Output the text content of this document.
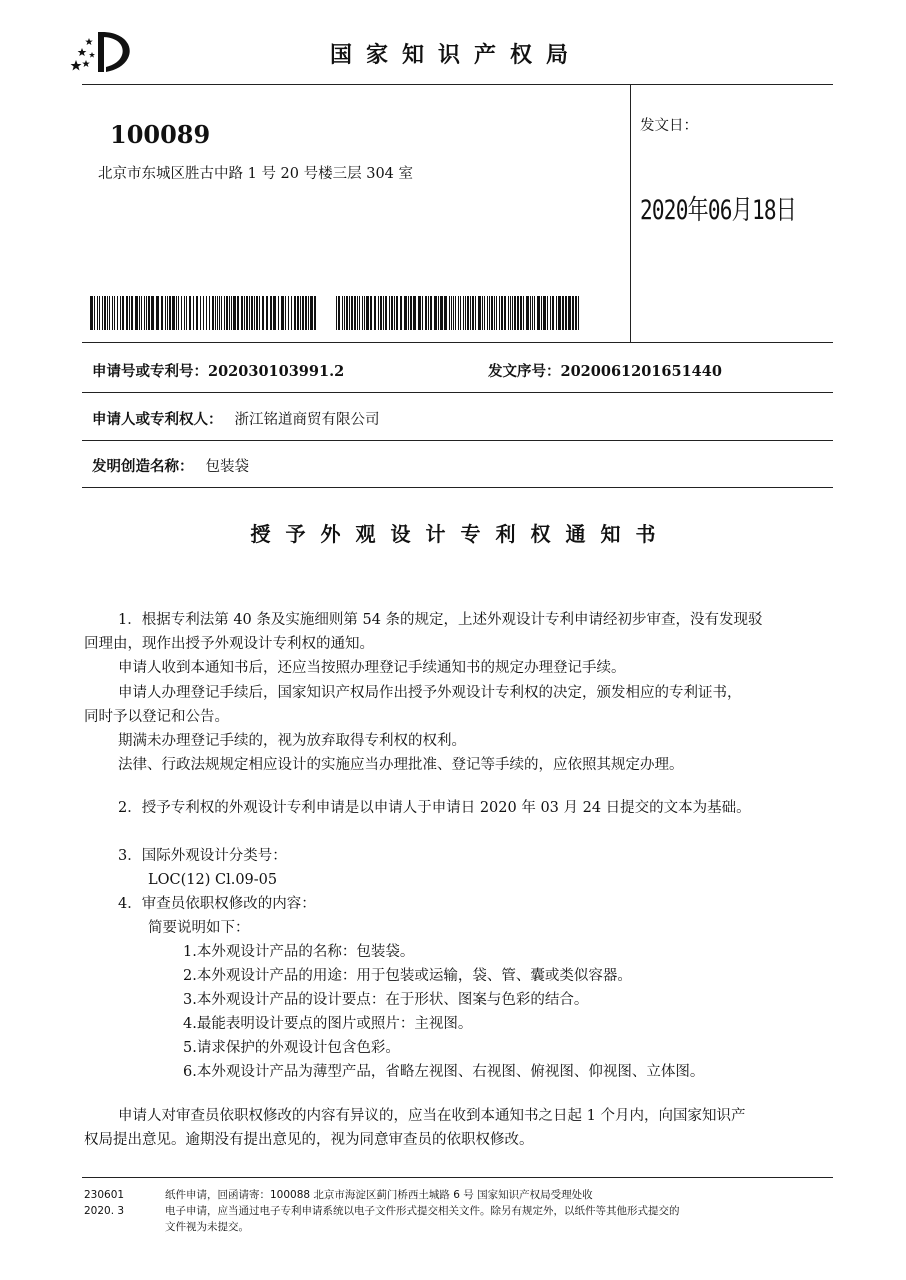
国家知识产权局
100089
北京市东城区胜古中路 1 号 20 号楼三层 304 室
发文日：
2020年06月18日
申请号或专利号：202030103991.2	发文序号：2020061201651440
申请人或专利权人： 浙江铭道商贸有限公司
发明创造名称： 包装袋
授予外观设计专利权通知书
1．根据专利法第 40 条及实施细则第 54 条的规定，上述外观设计专利申请经初步审查，没有发现驳
回理由，现作出授予外观设计专利权的通知。
申请人收到本通知书后，还应当按照办理登记手续通知书的规定办理登记手续。
申请人办理登记手续后，国家知识产权局作出授予外观设计专利权的决定，颁发相应的专利证书，
同时予以登记和公告。
期满未办理登记手续的，视为放弃取得专利权的权利。
法律、行政法规规定相应设计的实施应当办理批准、登记等手续的，应依照其规定办理。
2．授予专利权的外观设计专利申请是以申请人于申请日 2020 年 03 月 24 日提交的文本为基础。
3．国际外观设计分类号：
LOC(12) Cl.09-05
4．审查员依职权修改的内容：
简要说明如下：
1.本外观设计产品的名称：包装袋。
2.本外观设计产品的用途：用于包装或运输，袋、管、囊或类似容器。
3.本外观设计产品的设计要点：在于形状、图案与色彩的结合。
4.最能表明设计要点的图片或照片：主视图。
5.请求保护的外观设计包含色彩。
6.本外观设计产品为薄型产品，省略左视图、右视图、俯视图、仰视图、立体图。
申请人对审查员依职权修改的内容有异议的，应当在收到本通知书之日起 1 个月内，向国家知识产
权局提出意见。逾期没有提出意见的，视为同意审查员的依职权修改。
230601
2020. 3
纸件申请，回函请寄：100088 北京市海淀区蓟门桥西土城路 6 号 国家知识产权局受理处收
电子申请，应当通过电子专利申请系统以电子文件形式提交相关文件。除另有规定外，以纸件等其他形式提交的
文件视为未提交。
